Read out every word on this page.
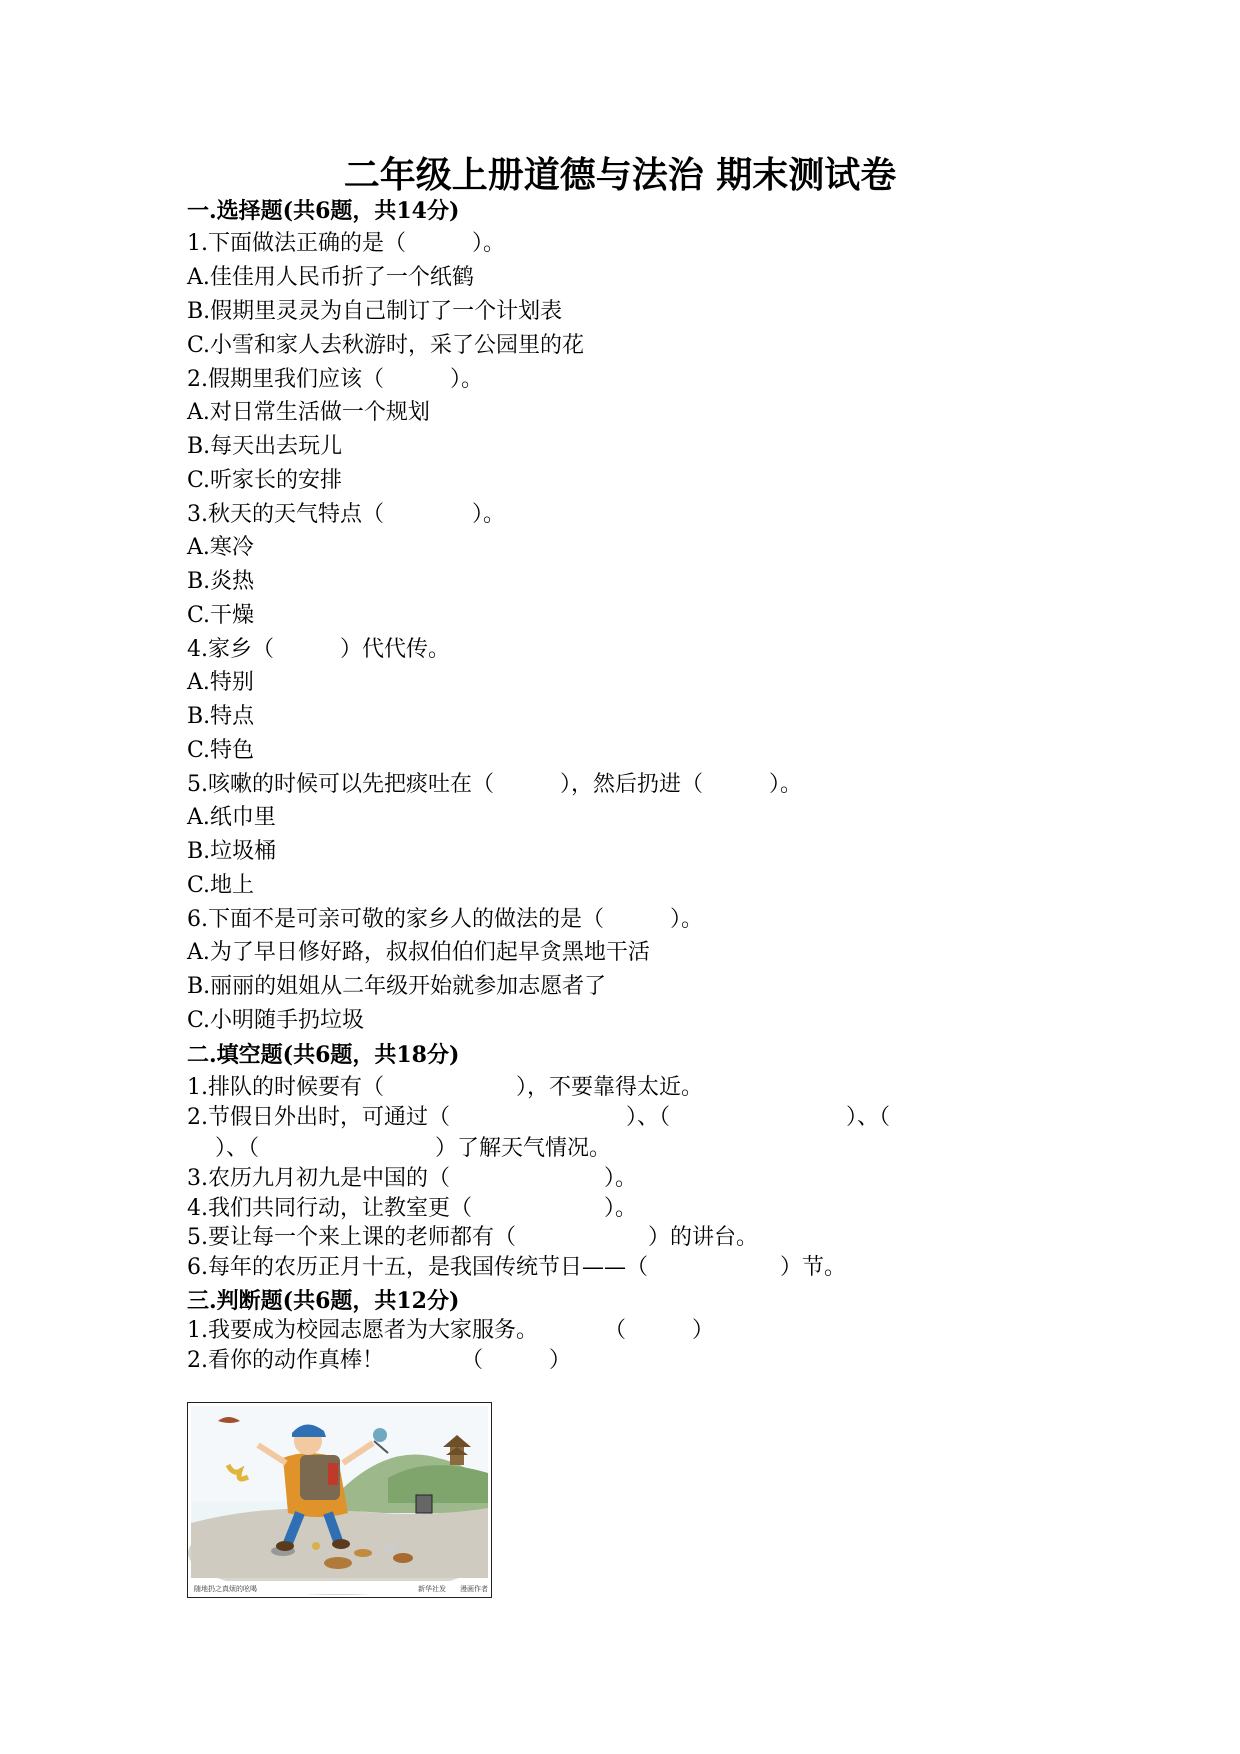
二年级上册道德与法治 期末测试卷
一.选择题(共6题，共14分)
1.下面做法正确的是（　　　）。
A.佳佳用人民币折了一个纸鹤
B.假期里灵灵为自己制订了一个计划表
C.小雪和家人去秋游时，采了公园里的花
2.假期里我们应该（　　　）。
A.对日常生活做一个规划
B.每天出去玩儿
C.听家长的安排
3.秋天的天气特点（　　　　）。
A.寒冷
B.炎热
C.干燥
4.家乡（　　　）代代传。
A.特别
B.特点
C.特色
5.咳嗽的时候可以先把痰吐在（　　　），然后扔进（　　　）。
A.纸巾里
B.垃圾桶
C.地上
6.下面不是可亲可敬的家乡人的做法的是（　　　）。
A.为了早日修好路，叔叔伯伯们起早贪黑地干活
B.丽丽的姐姐从二年级开始就参加志愿者了
C.小明随手扔垃圾
二.填空题(共6题，共18分)
1.排队的时候要有（　　　　　　），不要靠得太近。
2.节假日外出时，可通过（　　　　　　　　）、（　　　　　　　　）、（
　）、（　　　　　　　　）了解天气情况。
3.农历九月初九是中国的（　　　　　　　）。
4.我们共同行动，让教室更（　　　　　　）。
5.要让每一个来上课的老师都有（　　　　　　）的讲台。
6.每年的农历正月十五，是我国传统节日——（　　　　　　）节。
三.判断题(共6题，共12分)
1.我要成为校园志愿者为大家服务。　　　　（　　　）
2.看你的动作真棒！　　　　（　　　）
随地扔之真烦的吆喝	新华社发　　漫画作者
